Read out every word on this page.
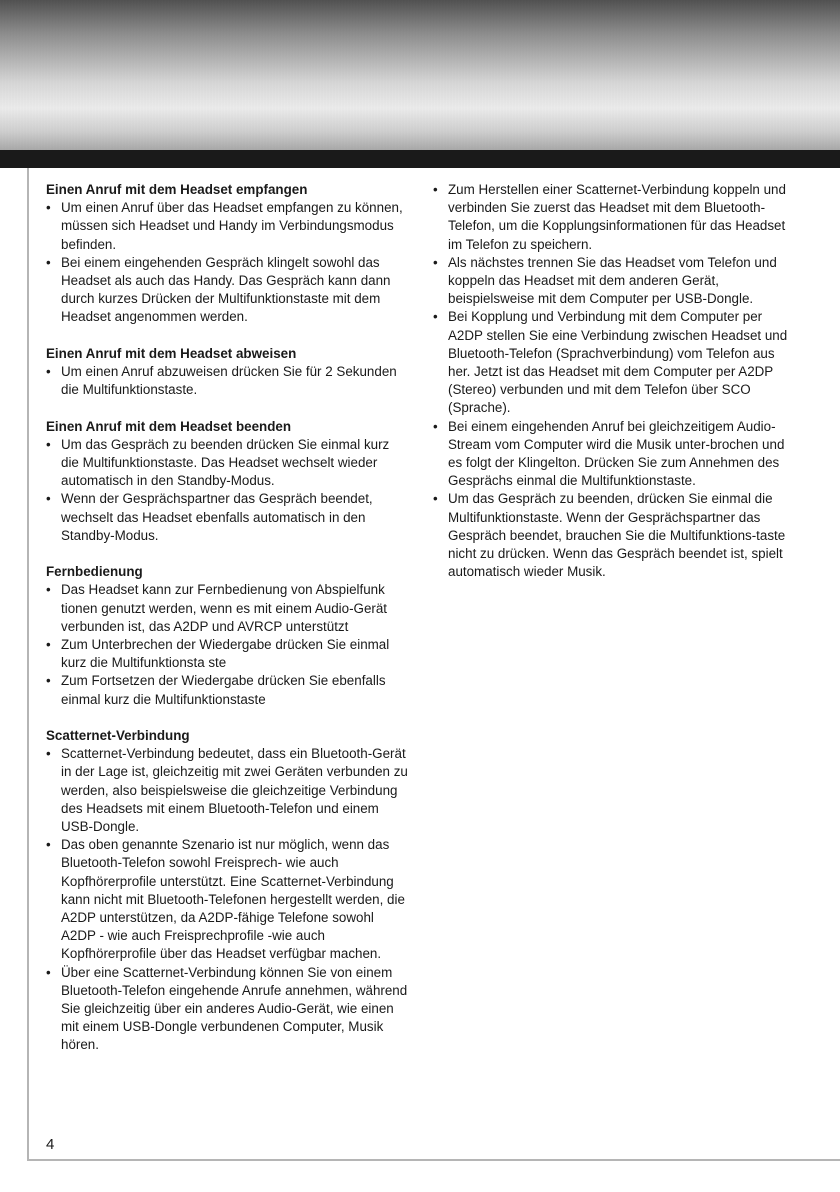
Einen Anruf mit dem Headset empfangen

• Um einen Anruf über das Headset empfangen zu können, müssen sich Headset und Handy im Verbindungsmodus befinden.
• Bei einem eingehenden Gespräch klingelt sowohl das Headset als auch das Handy. Das Gespräch kann dann durch kurzes Drücken der Multifunktionstaste mit dem Headset angenommen werden.

Einen Anruf mit dem Headset abweisen

• Um einen Anruf abzuweisen drücken Sie für 2 Sekunden die Multifunktionstaste.

Einen Anruf mit dem Headset beenden

• Um das Gespräch zu beenden drücken Sie einmal kurz die Multifunktionstaste. Das Headset wechselt wieder automatisch in den Standby-Modus.
• Wenn der Gesprächspartner das Gespräch beendet, wechselt das Headset ebenfalls automatisch in den Standby-Modus.

Fernbedienung

• Das Headset kann zur Fernbedienung von Abspielfunk tionen genutzt werden, wenn es mit einem Audio-Gerät verbunden ist, das A2DP und AVRCP unterstützt
• Zum Unterbrechen der Wiedergabe drücken Sie einmal kurz die Multifunktionsta ste
• Zum Fortsetzen der Wiedergabe drücken Sie ebenfalls einmal kurz die Multifunktionstaste

Scatternet-Verbindung

• Scatternet-Verbindung bedeutet, dass ein Bluetooth-Gerät in der Lage ist, gleichzeitig mit zwei Geräten verbunden zu werden, also beispielsweise die gleichzeitige Verbindung des Headsets mit einem Bluetooth-Telefon und einem USB-Dongle.
• Das oben genannte Szenario ist nur möglich, wenn das Bluetooth-Telefon sowohl Freisprech- wie auch Kopfhörerprofile unterstützt. Eine Scatternet-Verbindung kann nicht mit Bluetooth-Telefonen hergestellt werden, die A2DP unterstützen, da A2DP-fähige Telefone sowohl A2DP - wie auch Freisprechprofile -wie auch Kopfhörerprofile über das Headset verfügbar machen.
• Über eine Scatternet-Verbindung können Sie von einem Bluetooth-Telefon eingehende Anrufe annehmen, während Sie gleichzeitig über ein anderes Audio-Gerät, wie einen mit einem USB-Dongle verbundenen Computer, Musik hören.
• Zum Herstellen einer Scatternet-Verbindung koppeln und verbinden Sie zuerst das Headset mit dem Bluetooth-Telefon, um die Kopplungsinformationen für das Headset im Telefon zu speichern.
• Als nächstes trennen Sie das Headset vom Telefon und koppeln das Headset mit dem anderen Gerät, beispielsweise mit dem Computer per USB-Dongle.
• Bei Kopplung und Verbindung mit dem Computer per A2DP stellen Sie eine Verbindung zwischen Headset und Bluetooth-Telefon (Sprachverbindung) vom Telefon aus her. Jetzt ist das Headset mit dem Computer per A2DP (Stereo) verbunden und mit dem Telefon über SCO (Sprache).
• Bei einem eingehenden Anruf bei gleichzeitigem Audio-Stream vom Computer wird die Musik unter-brochen und es folgt der Klingelton. Drücken Sie zum Annehmen des Gesprächs einmal die Multifunktionstaste.
• Um das Gespräch zu beenden, drücken Sie einmal die Multifunktionstaste. Wenn der Gesprächspartner das Gespräch beendet, brauchen Sie die Multifunktions-taste nicht zu drücken. Wenn das Gespräch beendet ist, spielt automatisch wieder Musik.
4
